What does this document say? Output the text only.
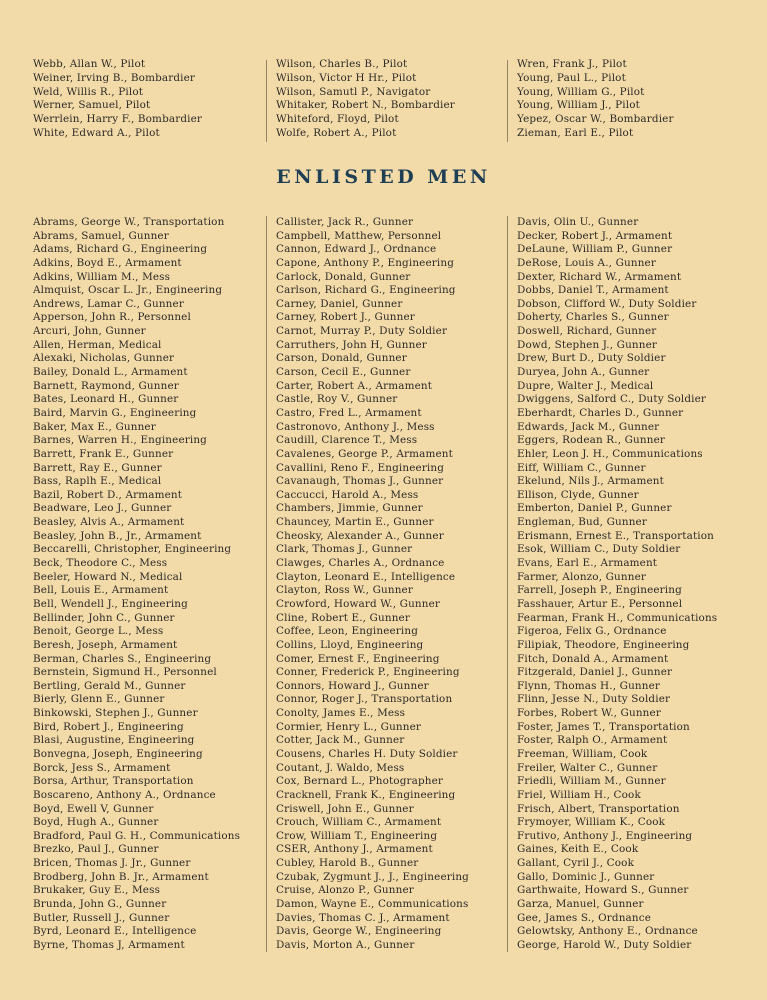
Webb, Allan W., Pilot
Weiner, Irving B., Bombardier
Weld, Willis R., Pilot
Werner, Samuel, Pilot
Werrlein, Harry F., Bombardier
White, Edward A., Pilot
Wilson, Charles B., Pilot
Wilson, Victor H Hr., Pilot
Wilson, Samutl P., Navigator
Whitaker, Robert N., Bombardier
Whiteford, Floyd, Pilot
Wolfe, Robert A., Pilot
Wren, Frank J., Pilot
Young, Paul L., Pilot
Young, William G., Pilot
Young, William J., Pilot
Yepez, Oscar W., Bombardier
Zieman, Earl E., Pilot
ENLISTED MEN
Abrams, George W., Transportation
Abrams, Samuel, Gunner
Adams, Richard G., Engineering
Adkins, Boyd E., Armament
Adkins, William M., Mess
Almquist, Oscar L. Jr., Engineering
Andrews, Lamar C., Gunner
Apperson, John R., Personnel
Arcuri, John, Gunner
Allen, Herman, Medical
Alexaki, Nicholas, Gunner
Bailey, Donald L., Armament
Barnett, Raymond, Gunner
Bates, Leonard H., Gunner
Baird, Marvin G., Engineering
Baker, Max E., Gunner
Barnes, Warren H., Engineering
Barrett, Frank E., Gunner
Barrett, Ray E., Gunner
Bass, Raplh E., Medical
Bazil, Robert D., Armament
Beadware, Leo J., Gunner
Beasley, Alvis A., Armament
Beasley, John B., Jr., Armament
Beccarelli, Christopher, Engineering
Beck, Theodore C., Mess
Beeler, Howard N., Medical
Bell, Louis E., Armament
Bell, Wendell J., Engineering
Bellinder, John C., Gunner
Benoit, George L., Mess
Beresh, Joseph, Armament
Berman, Charles S., Engineering
Bernstein, Sigmund H., Personnel
Bertling, Gerald M., Gunner
Bierly, Glenn E., Gunner
Binkowski, Stephen J., Gunner
Bird, Robert J., Engineering
Blasi, Augustine, Engineering
Bonvegna, Joseph, Engineering
Borck, Jess S., Armament
Borsa, Arthur, Transportation
Boscareno, Anthony A., Ordnance
Boyd, Ewell V, Gunner
Boyd, Hugh A., Gunner
Bradford, Paul G. H., Communications
Brezko, Paul J., Gunner
Bricen, Thomas J. Jr., Gunner
Brodberg, John B. Jr., Armament
Brukaker, Guy E., Mess
Brunda, John G., Gunner
Butler, Russell J., Gunner
Byrd, Leonard E., Intelligence
Byrne, Thomas J, Armament
Callister, Jack R., Gunner
Campbell, Matthew, Personnel
Cannon, Edward J., Ordnance
Capone, Anthony P., Engineering
Carlock, Donald, Gunner
Carlson, Richard G., Engineering
Carney, Daniel, Gunner
Carney, Robert J., Gunner
Carnot, Murray P., Duty Soldier
Carruthers, John H, Gunner
Carson, Donald, Gunner
Carson, Cecil E., Gunner
Carter, Robert A., Armament
Castle, Roy V., Gunner
Castro, Fred L., Armament
Castronovo, Anthony J., Mess
Caudill, Clarence T., Mess
Cavalenes, George P., Armament
Cavallini, Reno F., Engineering
Cavanaugh, Thomas J., Gunner
Caccucci, Harold A., Mess
Chambers, Jimmie, Gunner
Chauncey, Martin E., Gunner
Cheosky, Alexander A., Gunner
Clark, Thomas J., Gunner
Clawges, Charles A., Ordnance
Clayton, Leonard E., Intelligence
Clayton, Ross W., Gunner
Crowford, Howard W., Gunner
Cline, Robert E., Gunner
Coffee, Leon, Engineering
Collins, Lloyd, Engineering
Comer, Ernest F., Engineering
Conner, Frederick P., Engineering
Connors, Howard J., Gunner
Connor, Roger J., Transportation
Conolty, James E., Mess
Cormier, Henry L., Gunner
Cotter, Jack M., Gunner
Cousens, Charles H. Duty Soldier
Coutant, J. Waldo, Mess
Cox, Bernard L., Photographer
Cracknell, Frank K., Engineering
Criswell, John E., Gunner
Crouch, William C., Armament
Crow, William T., Engineering
CSER, Anthony J., Armament
Cubley, Harold B., Gunner
Czubak, Zygmunt J., J., Engineering
Cruise, Alonzo P., Gunner
Damon, Wayne E., Communications
Davies, Thomas C. J., Armament
Davis, George W., Engineering
Davis, Morton A., Gunner
Davis, Olin U., Gunner
Decker, Robert J., Armament
DeLaune, William P., Gunner
DeRose, Louis A., Gunner
Dexter, Richard W., Armament
Dobbs, Daniel T., Armament
Dobson, Clifford W., Duty Soldier
Doherty, Charles S., Gunner
Doswell, Richard, Gunner
Dowd, Stephen J., Gunner
Drew, Burt D., Duty Soldier
Duryea, John A., Gunner
Dupre, Walter J., Medical
Dwiggens, Salford C., Duty Soldier
Eberhardt, Charles D., Gunner
Edwards, Jack M., Gunner
Eggers, Rodean R., Gunner
Ehler, Leon J. H., Communications
Eiff, William C., Gunner
Ekelund, Nils J., Armament
Ellison, Clyde, Gunner
Emberton, Daniel P., Gunner
Engleman, Bud, Gunner
Erismann, Ernest E., Transportation
Esok, William C., Duty Soldier
Evans, Earl E., Armament
Farmer, Alonzo, Gunner
Farrell, Joseph P., Engineering
Fasshauer, Artur E., Personnel
Fearman, Frank H., Communications
Figeroa, Felix G., Ordnance
Filipiak, Theodore, Engineering
Fitch, Donald A., Armament
Fitzgerald, Daniel J., Gunner
Flynn, Thomas H., Gunner
Flinn, Jesse N., Duty Soldier
Forbes, Robert W., Gunner
Foster, James T., Transportation
Foster, Ralph O., Armament
Freeman, William, Cook
Freiler, Walter C., Gunner
Friedli, William M., Gunner
Friel, William H., Cook
Frisch, Albert, Transportation
Frymoyer, William K., Cook
Frutivo, Anthony J., Engineering
Gaines, Keith E., Cook
Gallant, Cyril J., Cook
Gallo, Dominic J., Gunner
Garthwaite, Howard S., Gunner
Garza, Manuel, Gunner
Gee, James S., Ordnance
Gelowtsky, Anthony E., Ordnance
George, Harold W., Duty Soldier
